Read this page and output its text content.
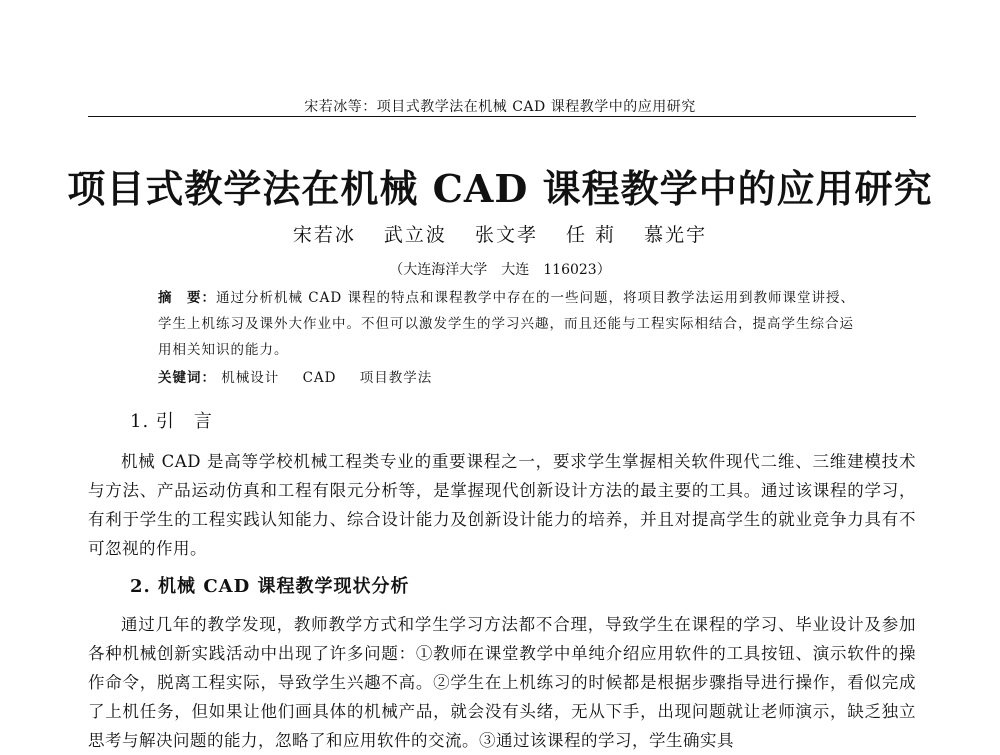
宋若冰等：项目式教学法在机械 CAD 课程教学中的应用研究
项目式教学法在机械 CAD 课程教学中的应用研究
宋若冰 武立波 张文孝 任 莉 慕光宇
（大连海洋大学　大连　116023）
摘　要：通过分析机械 CAD 课程的特点和课程教学中存在的一些问题，将项目教学法运用到教师课堂讲授、学生上机练习及课外大作业中。不但可以激发学生的学习兴趣，而且还能与工程实际相结合，提高学生综合运用相关知识的能力。
关键词： 机械设计 CAD 项目教学法
1. 引　言
机械 CAD 是高等学校机械工程类专业的重要课程之一，要求学生掌握相关软件现代二维、三维建模技术与方法、产品运动仿真和工程有限元分析等，是掌握现代创新设计方法的最主要的工具。通过该课程的学习，有利于学生的工程实践认知能力、综合设计能力及创新设计能力的培养，并且对提高学生的就业竞争力具有不可忽视的作用。
2. 机械 CAD 课程教学现状分析
通过几年的教学发现，教师教学方式和学生学习方法都不合理，导致学生在课程的学习、毕业设计及参加各种机械创新实践活动中出现了许多问题：①教师在课堂教学中单纯介绍应用软件的工具按钮、演示软件的操作命令，脱离工程实际，导致学生兴趣不高。②学生在上机练习的时候都是根据步骤指导进行操作，看似完成了上机任务，但如果让他们画具体的机械产品，就会没有头绪，无从下手，出现问题就让老师演示，缺乏独立思考与解决问题的能力，忽略了和应用软件的交流。③通过该课程的学习，学生确实具
